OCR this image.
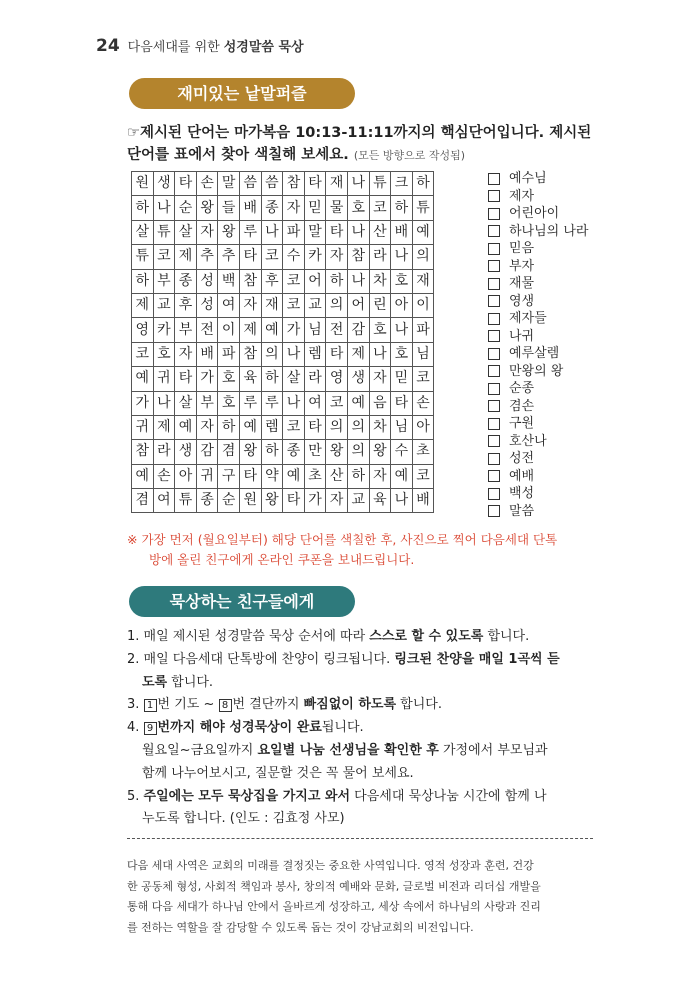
24 다음세대를 위한 성경말씀 묵상
재미있는 낱말퍼즐
☞제시된 단어는 마가복음 10:13-11:11까지의 핵심단어입니다. 제시된 단어를 표에서 찾아 색칠해 보세요. (모든 방향으로 작성됨)
원	생	타	손	말	씀	씀	참	타	재	나	튜	크	하
하	나	순	왕	들	배	종	자	믿	물	호	코	하	튜
살	튜	살	자	왕	루	나	파	말	타	나	산	배	예
튜	코	제	추	추	타	코	수	카	자	참	라	나	의
하	부	종	성	백	참	후	코	어	하	나	차	호	재
제	교	후	성	여	자	재	코	교	의	어	린	아	이
영	카	부	전	이	제	예	가	님	전	감	호	나	파
코	호	자	배	파	참	의	나	렘	타	제	나	호	님
예	귀	타	가	호	육	하	살	라	영	생	자	믿	코
가	나	살	부	호	루	루	나	여	코	예	음	타	손
귀	제	예	자	하	예	렘	코	타	의	의	차	님	아
참	라	생	감	겸	왕	하	종	만	왕	의	왕	수	초
예	손	아	귀	구	타	약	예	초	산	하	자	예	코
겸	여	튜	종	순	원	왕	타	가	자	교	육	나	배
예수님
제자
어린아이
하나님의 나라
믿음
부자
재물
영생
제자들
나귀
예루살렘
만왕의 왕
순종
겸손
구원
호산나
성전
예배
백성
말씀
※ 가장 먼저 (월요일부터) 해당 단어를 색칠한 후, 사진으로 찍어 다음세대 단톡
방에 올린 친구에게 온라인 쿠폰을 보내드립니다.
묵상하는 친구들에게
1. 매일 제시된 성경말씀 묵상 순서에 따라 스스로 할 수 있도록 합니다.
2. 매일 다음세대 단톡방에 찬양이 링크됩니다. 링크된 찬양을 매일 1곡씩 듣
도록 합니다.
3. 1 번 기도 ~ 8 번 결단까지 빠짐없이 하도록 합니다.
4. 9 번까지 해야 성경묵상이 완료됩니다.
월요일~금요일까지 요일별 나눔 선생님을 확인한 후 가정에서 부모님과
함께 나누어보시고, 질문할 것은 꼭 물어 보세요.
5. 주일에는 모두 묵상집을 가지고 와서 다음세대 묵상나눔 시간에 함께 나
누도록 합니다. (인도 : 김효정 사모)
다음 세대 사역은 교회의 미래를 결정짓는 중요한 사역입니다. 영적 성장과 훈련, 건강
한 공동체 형성, 사회적 책임과 봉사, 창의적 예배와 문화, 글로벌 비전과 리더십 개발을
통해 다음 세대가 하나님 안에서 올바르게 성장하고, 세상 속에서 하나님의 사랑과 진리
를 전하는 역할을 잘 감당할 수 있도록 돕는 것이 강남교회의 비전입니다.
